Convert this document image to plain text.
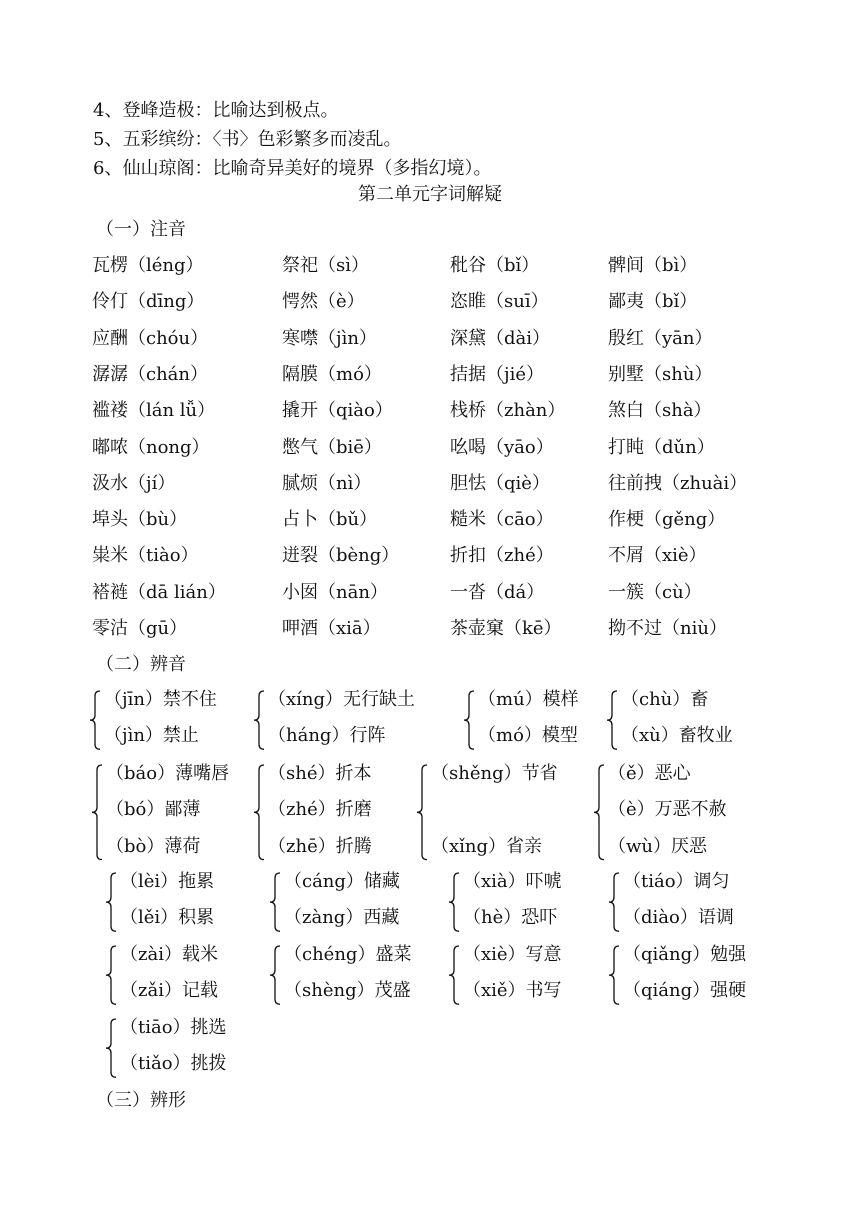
4、登峰造极：比喻达到极点。
5、五彩缤纷：〈书〉色彩繁多而凌乱。
6、仙山琼阁：比喻奇异美好的境界（多指幻境）。
第二单元字词解疑
（一）注音
瓦楞（léng）	祭祀（sì）	秕谷（bǐ）	髀间（bì）
伶仃（dīng）	愕然（è）	恣睢（suī）	鄙夷（bǐ）
应酬（chóu）	寒噤（jìn）	深黛（dài）	殷红（yān）
潺潺（chán）	隔膜（mó）	拮据（jié）	别墅（shù）
褴褛（lán lǚ）	撬开（qiào）	栈桥（zhàn） 煞白（shà）
嘟哝（nong）	憋气（biē）	吆喝（yāo）	打盹（dǔn）
汲水（jí）	腻烦（nì）	胆怯（qiè）	往前拽（zhuài）
埠头（bù）	占卜（bǔ）	糙米（cāo）	作梗（gěng）
粜米（tiào）	迸裂（bèng）	折扣（zhé）	不屑（xiè）
褡裢（dā lián）	小囡（nān）	一沓（dá）	一簇（cù）
零沽（gū）	呷酒（xiā）	茶壶窠（kē）	拗不过（niù）
（二）辨音
（jīn）禁不住
（jìn）禁止
（xíng）无行缺土
（háng）行阵
（mú）模样
（mó）模型
（chù）畜
（xù）畜牧业
（báo）薄嘴唇
（bó）鄙薄
（bò）薄荷
（shé）折本
（zhé）折磨
（zhē）折腾
（shěng）节省
（xǐng）省亲
（ě）恶心
（è）万恶不赦
（wù）厌恶
（lèi）拖累
（lěi）积累
（cáng）储藏
（zàng）西藏
（xià）吓唬
（hè）恐吓
（tiáo）调匀
（diào）语调
（zài）载米
（zǎi）记载
（chéng）盛菜
（shèng）茂盛
（xiè）写意
（xiě）书写
（qiǎng）勉强
（qiáng）强硬
（tiāo）挑选
（tiǎo）挑拨
（三）辨形
